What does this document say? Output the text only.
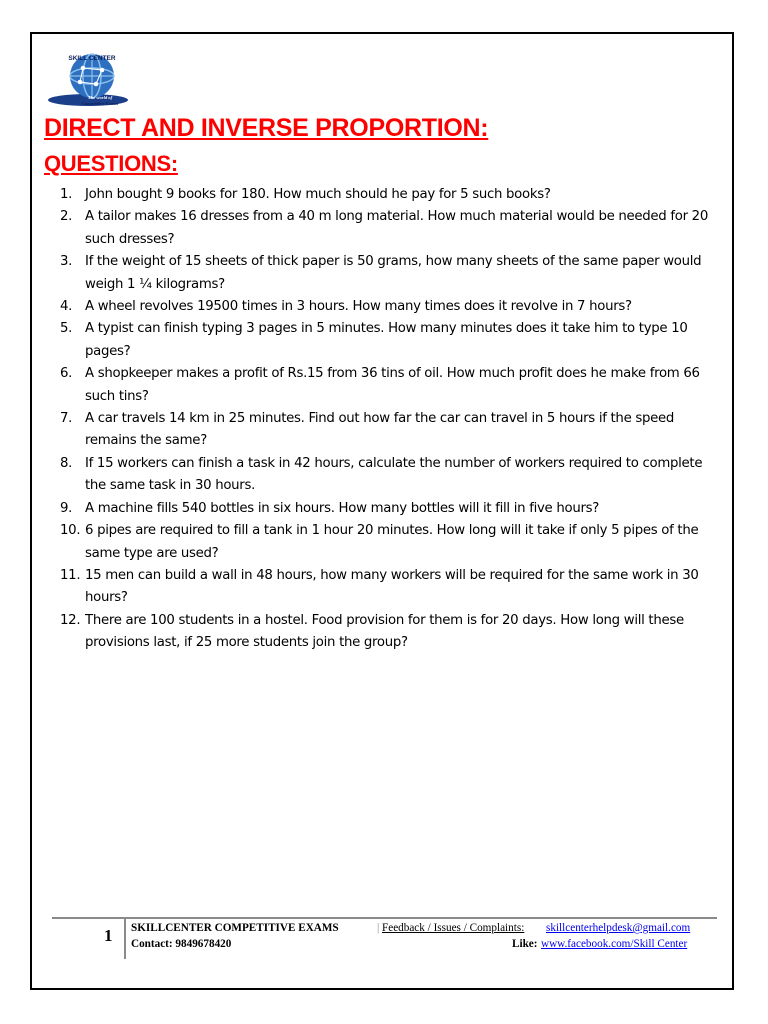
SKILL CENTER
The world of
Competitive Exams
DIRECT AND INVERSE PROPORTION:
QUESTIONS:
1. John bought 9 books for 180. How much should he pay for 5 such books?
2. A tailor makes 16 dresses from a 40 m long material. How much material would be needed for 20 such dresses?
3. If the weight of 15 sheets of thick paper is 50 grams, how many sheets of the same paper would weigh 1 ¼ kilograms?
4. A wheel revolves 19500 times in 3 hours. How many times does it revolve in 7 hours?
5. A typist can finish typing 3 pages in 5 minutes. How many minutes does it take him to type 10 pages?
6. A shopkeeper makes a profit of Rs.15 from 36 tins of oil. How much profit does he make from 66 such tins?
7. A car travels 14 km in 25 minutes. Find out how far the car can travel in 5 hours if the speed remains the same?
8. If 15 workers can finish a task in 42 hours, calculate the number of workers required to complete the same task in 30 hours.
9. A machine fills 540 bottles in six hours. How many bottles will it fill in five hours?
10. 6 pipes are required to fill a tank in 1 hour 20 minutes. How long will it take if only 5 pipes of the same type are used?
11. 15 men can build a wall in 48 hours, how many workers will be required for the same work in 30 hours?
12. There are 100 students in a hostel. Food provision for them is for 20 days. How long will these provisions last, if 25 more students join the group?
1 SKILLCENTER COMPETITIVE EXAMS
Contact: 9849678420
| Feedback / Issues / Complaints: skillcenterhelpdesk@gmail.com
Like: www.facebook.com/Skill Center
